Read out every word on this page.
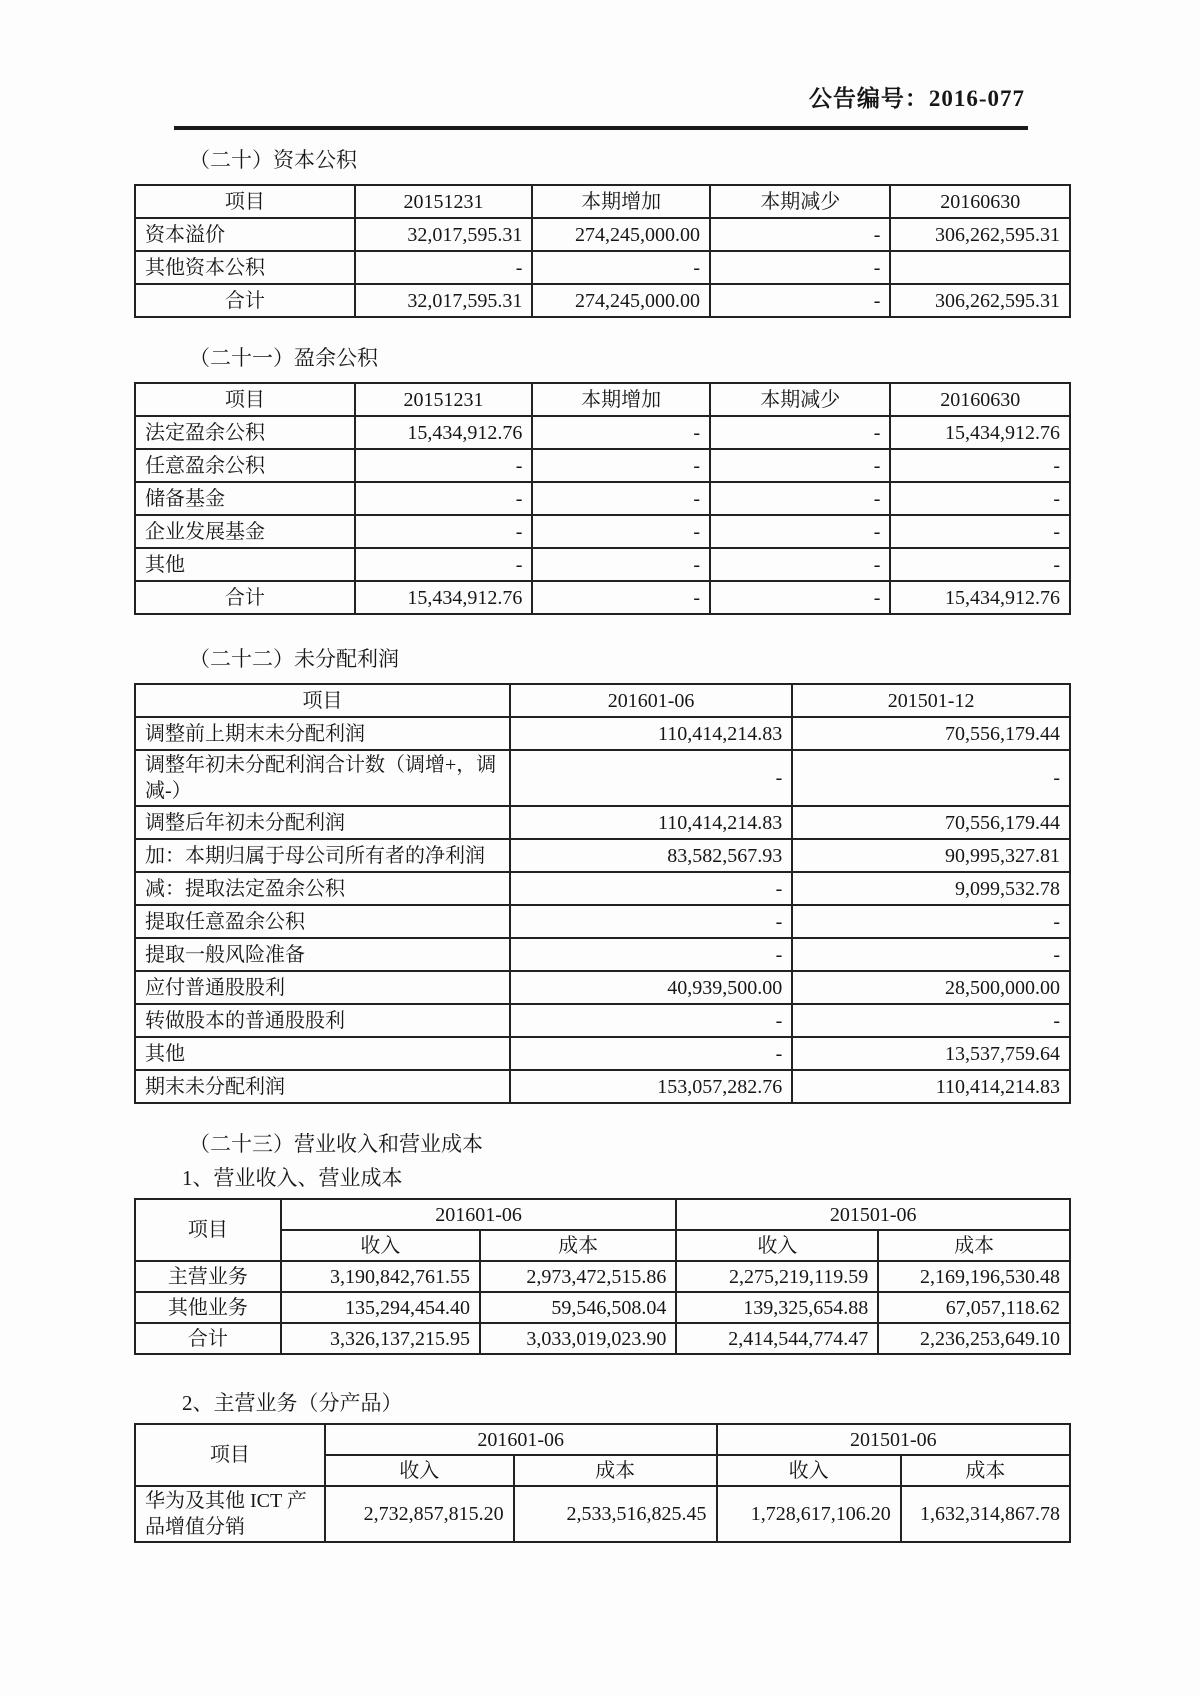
公告编号：2016-077
（二十）资本公积
项目	20151231	本期增加	本期减少	20160630
资本溢价	32,017,595.31	274,245,000.00	-	306,262,595.31
其他资本公积	-	-	-	
合计	32,017,595.31	274,245,000.00	-	306,262,595.31
（二十一）盈余公积
项目	20151231	本期增加	本期减少	20160630
法定盈余公积	15,434,912.76	-	-	15,434,912.76
任意盈余公积	-	-	-	-
储备基金	-	-	-	-
企业发展基金	-	-	-	-
其他	-	-	-	-
合计	15,434,912.76	-	-	15,434,912.76
（二十二）未分配利润
项目	201601-06	201501-12
调整前上期末未分配利润	110,414,214.83	70,556,179.44
调整年初未分配利润合计数（调增+，调减-）	-	-
调整后年初未分配利润	110,414,214.83	70,556,179.44
加：本期归属于母公司所有者的净利润	83,582,567.93	90,995,327.81
减：提取法定盈余公积	-	9,099,532.78
提取任意盈余公积	-	-
提取一般风险准备	-	-
应付普通股股利	40,939,500.00	28,500,000.00
转做股本的普通股股利	-	-
其他	-	13,537,759.64
期末未分配利润	153,057,282.76	110,414,214.83
（二十三）营业收入和营业成本
1、营业收入、营业成本
项目	201601-06		201501-06	
	收入	成本	收入	成本
主营业务	3,190,842,761.55	2,973,472,515.86	2,275,219,119.59	2,169,196,530.48
其他业务	135,294,454.40	59,546,508.04	139,325,654.88	67,057,118.62
合计	3,326,137,215.95	3,033,019,023.90	2,414,544,774.47	2,236,253,649.10
2、主营业务（分产品）
项目	201601-06		201501-06	
	收入	成本	收入	成本
华为及其他 ICT 产品增值分销	2,732,857,815.20	2,533,516,825.45	1,728,617,106.20	1,632,314,867.78
